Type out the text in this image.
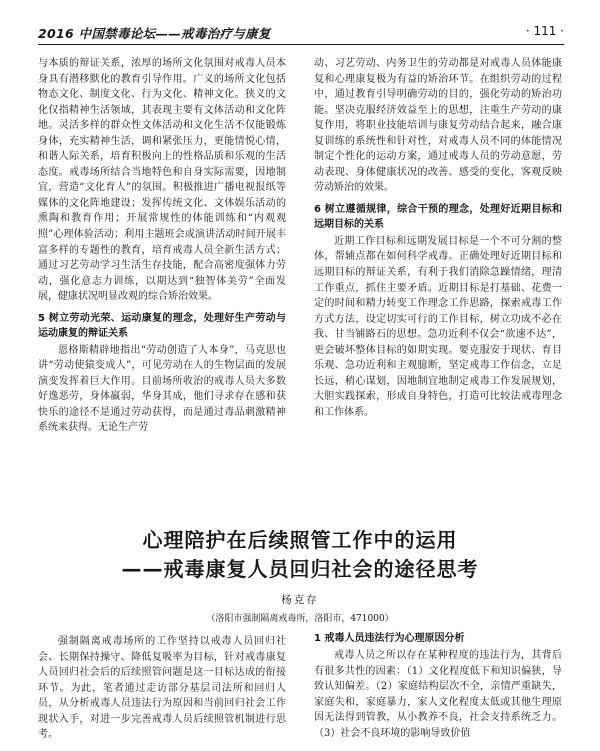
2016 中国禁毒论坛——戒毒治疗与康复	· 111 ·

与本质的辩证关系，浓厚的场所文化氛围对戒毒人员本身具有潜移默化的教育引导作用。广义的场所文化包括物态文化、制度文化、行为文化、精神文化。狭义的文化仅指精神生活领域，其表现主要有文体活动和文化阵地。灵活多样的群众性文体活动和文化生活不仅能锻炼身体，充实精神生活，调和紧张压力，更能情悦心情，和谐人际关系，培育积极向上的性格品质和乐观的生活态度。戒毒场所结合当地特色和自身实际需要，因地制宜，营造“文化育人”的氛围。积极推进广播电视报纸等媒体的文化阵地建设；发挥传统文化、文体娱乐活动的熏陶和教育作用；开展常规性的体能训练和“内观观照”心理体验活动；利用主题班会或演讲活动时间开展丰富多样的专题性的教育，培育戒毒人员全新生活方式；通过习艺劳动学习生活生存技能，配合高密度强体力劳动，强化意志力训练，以期达到“独智体美劳”全面发展，健康状况明显改观的综合矫治效果。

5 树立劳动光荣、运动康复的理念，处理好生产劳动与运动康复的辩证关系

恩格斯精辟地指出“劳动创造了人本身”，马克思也讲“劳动使猿变成人”，可见劳动在人的生物层面的发展演变发挥着巨大作用。目前场所收治的戒毒人员大多数好逸恶劳，身体羸弱，华身其成，他们寻求存在感和获快乐的途径不是通过劳动获得，而是通过毒品刺激精神系统来获得。无论生产劳

动、习艺劳动、内务卫生的劳动都是对戒毒人员体能康复和心理康复极为有益的矫治环节。在组织劳动的过程中，通过教育引导明确劳动的目的，强化劳动的矫治功能。坚决克服经济效益至上的思想，注重生产劳动的康复作用，将职业技能培训与康复劳动结合起来，融合康复训练的系统性和针对性，对戒毒人员不同的体能情况制定个性化的运动方案，通过戒毒人员的劳动意愿，劳动表现、身体健康状况的改善、感受的变化，客观反映劳动矫治的效果。

6 树立遵循规律，综合干预的理念，处理好近期目标和远期目标的关系

近期工作目标和远期发展目标是一个不可分割的整体，帮辅点都在如何科学戒毒。正确处理好近期目标和远期目标的辩证关系，有利于我们消除急躁情绪，理清工作重点，抓住主要矛盾。近期目标是打基础、花费一定的时间和精力转变工作理念工作思路，探索戒毒工作方式方法，设定切实可行的工作目标，树立功成不必在我、甘当铺路石的思想。急功近利不仅会“欲速不达”，更会破坏整体目标的如期实现。要克服安于现状、育目乐观、急功近利和主观臆断，坚定戒毒工作信念，立足长远，稍心谋划，因地制宜地制定戒毒工作发展规划，大胆实践探索，形成自身特色，打造可比较法戒毒理念和工作体系。

心理陪护在后续照管工作中的运用
——戒毒康复人员回归社会的途径思考
杨克存
（洛阳市强制隔离戒毒所，洛阳市，471000）

强制隔离戒毒场所的工作坚持以戒毒人员回归社会、长期保持操守、降低复吸率为目标，针对戒毒康复人员回归社会后的后续照管问题是这一目标达成的衔接环节。为此，笔者通过走访部分基层司法所和回归人员，从分析戒毒人员违法行为原因和当前回归社会工作现状入手，对进一步完善戒毒人员后续照管机制进行思考。

1 戒毒人员违法行为心理原因分析

戒毒人员之所以存在某种程度的违法行为，其背后有很多共性的因素：（1）文化程度低下和知识偏狭，导致认知偏差。（2）家庭结构层次不全，亲情严重缺失，家庭失和，家庭暴力，家人文化程度太低或其他生理原因无法得到管教，从小教养不良，社会支持系统乏力。（3）社会不良环境的影响导致价值
